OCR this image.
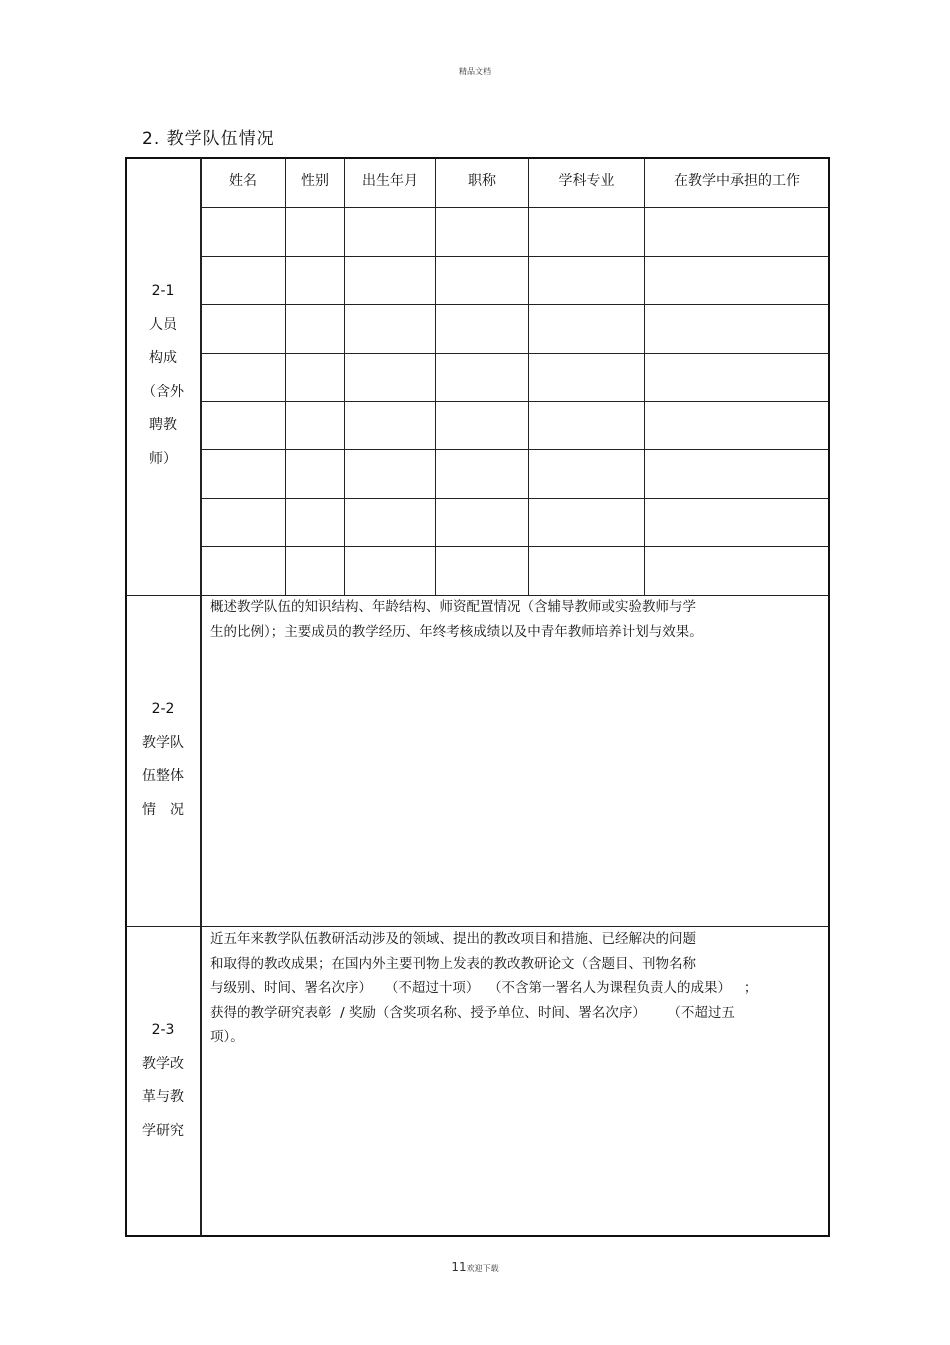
精品文档
2. 教学队伍情况
姓名	性别	出生年月	职称	学科专业	在教学中承担的工作
2-1
人员
构成
（含外
聘教
师）
2-2
教学队
伍整体
情　况
概述教学队伍的知识结构、年龄结构、师资配置情况（含辅导教师或实验教师与学
生的比例）；主要成员的教学经历、年终考核成绩以及中青年教师培养计划与效果。
2-3
教学改
革与教
学研究
近五年来教学队伍教研活动涉及的领域、提出的教改项目和措施、已经解决的问题
和取得的教改成果；在国内外主要刊物上发表的教改教研论文（含题目、刊物名称
与级别、时间、署名次序）   （不超过十项）  （不含第一署名人为课程负责人的成果）   ；
获得的教学研究表彰  / 奖励（含奖项名称、授予单位、时间、署名次序）     （不超过五
项）。
11欢迎下载
